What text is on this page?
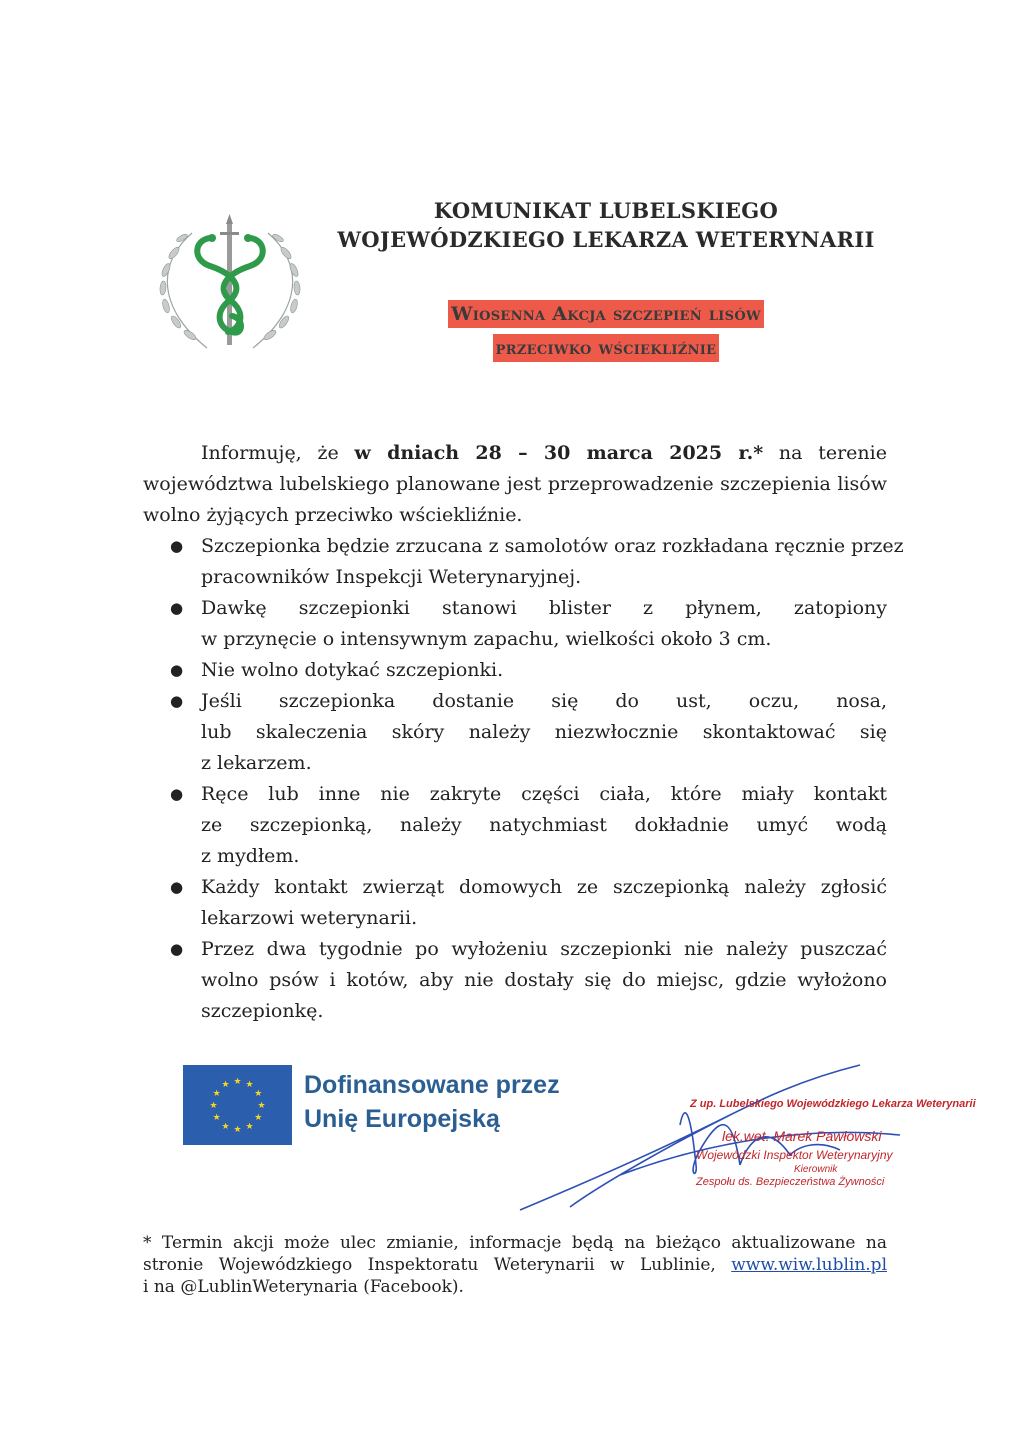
KOMUNIKAT LUBELSKIEGO
WOJEWÓDZKIEGO LEKARZA WETERYNARII
Wiosenna Akcja szczepień lisów
przeciwko wściekliźnie
Informuję, że w dniach 28 – 30 marca 2025 r.* na terenie
województwa lubelskiego planowane jest przeprowadzenie szczepienia lisów
wolno żyjących przeciwko wściekliźnie.
● Szczepionka będzie zrzucana z samolotów oraz rozkładana ręcznie przez
pracowników Inspekcji Weterynaryjnej.
● Dawkę szczepionki stanowi blister z płynem, zatopiony
w przynęcie o intensywnym zapachu, wielkości około 3 cm.
● Nie wolno dotykać szczepionki.
● Jeśli szczepionka dostanie się do ust, oczu, nosa,
lub skaleczenia skóry należy niezwłocznie skontaktować się
z lekarzem.
● Ręce lub inne nie zakryte części ciała, które miały kontakt
ze szczepionką, należy natychmiast dokładnie umyć wodą
z mydłem.
● Każdy kontakt zwierząt domowych ze szczepionką należy zgłosić
lekarzowi weterynarii.
● Przez dwa tygodnie po wyłożeniu szczepionki nie należy puszczać
wolno psów i kotów, aby nie dostały się do miejsc, gdzie wyłożono
szczepionkę.
★ ★
★
★
★
★
★
★
★
★
★
★	Dofinansowane przez
Unię Europejską
Z up. Lubelskiego Wojewódzkiego Lekarza Weterynarii
lek.wet. Marek Pawłowski
Wojewódzki Inspektor Weterynaryjny
Kierownik
Zespołu ds. Bezpieczeństwa Żywności
* Termin akcji może ulec zmianie, informacje będą na bieżąco aktualizowane na
stronie Wojewódzkiego Inspektoratu Weterynarii w Lublinie, www.wiw.lublin.pl
i na @LublinWeterynaria (Facebook).
